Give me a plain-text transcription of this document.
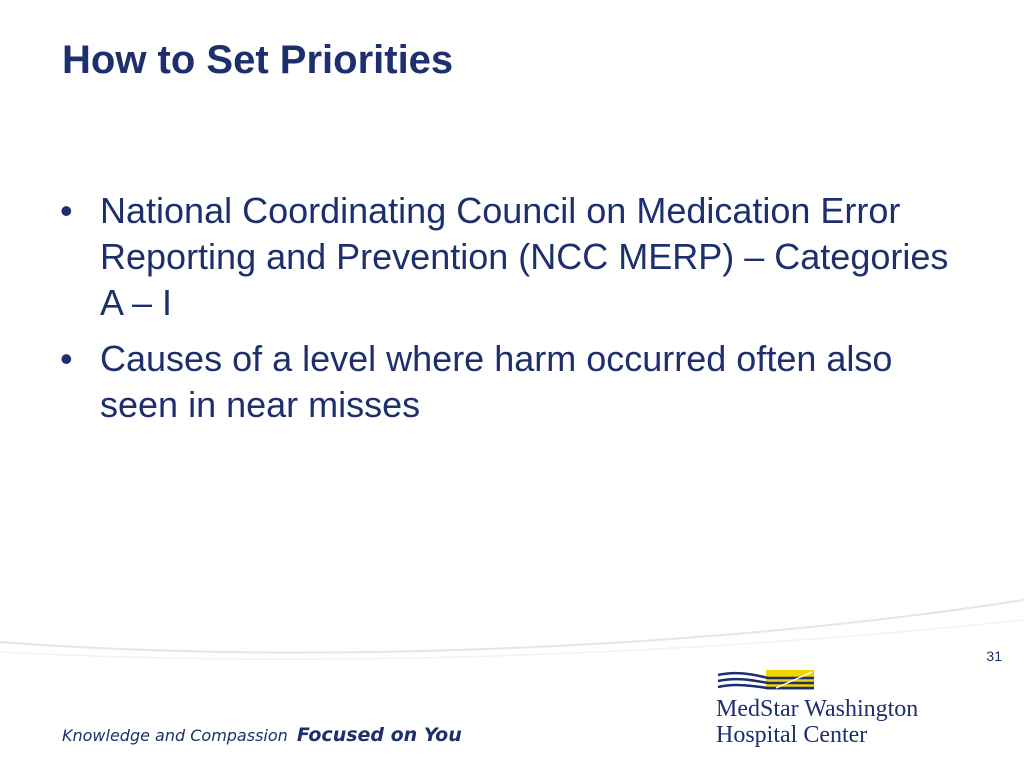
How to Set Priorities
• National Coordinating Council on Medication Error Reporting and Prevention (NCC MERP) – Categories A – I
• Causes of a level where harm occurred often also seen in near misses
31
Knowledge and Compassion Focused on You
MedStar Washington
Hospital Center
